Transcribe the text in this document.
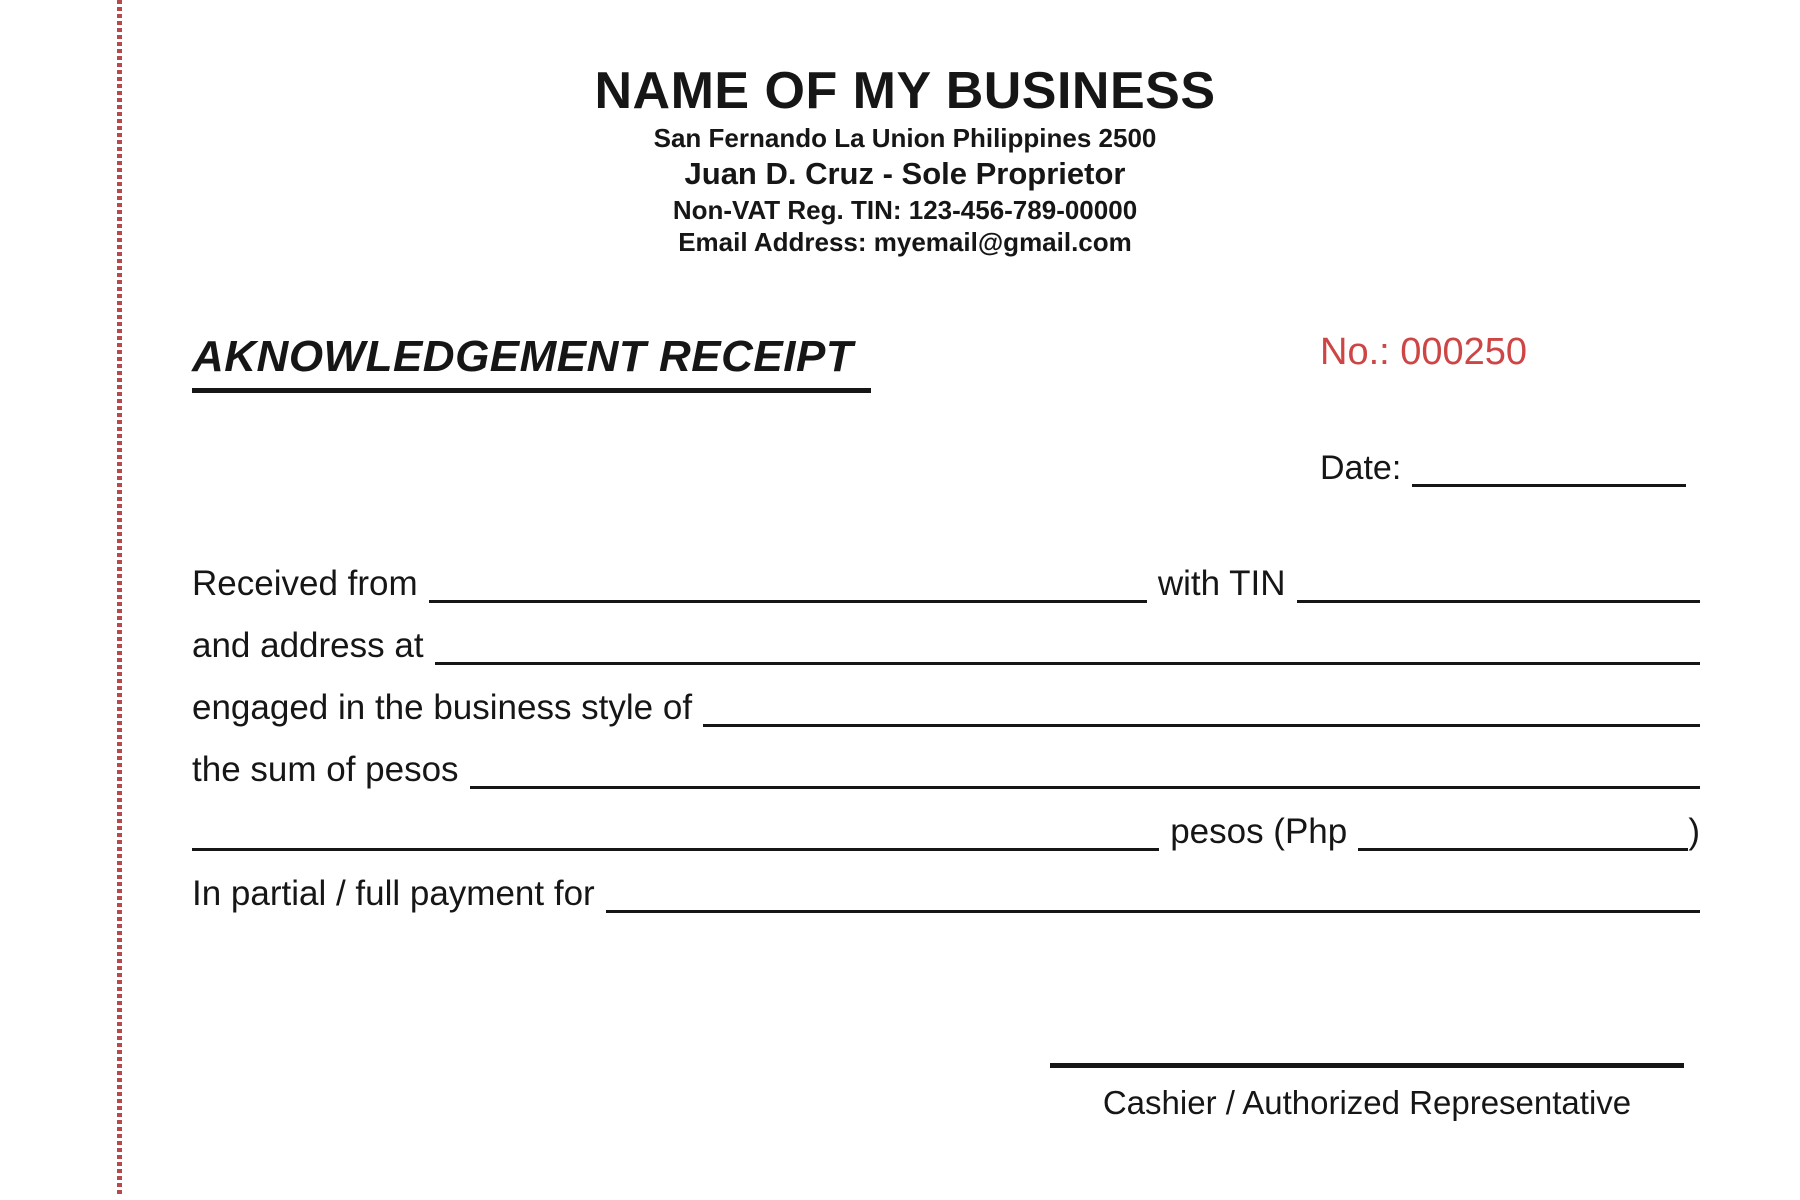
NAME OF MY BUSINESS
San Fernando La Union Philippines 2500
Juan D. Cruz - Sole Proprietor
Non-VAT Reg. TIN: 123-456-789-00000
Email Address: myemail@gmail.com
AKNOWLEDGEMENT RECEIPT	No.: 000250
Date:
Received from	with TIN
and address at
engaged in the business style of
the sum of pesos
pesos (Php	)
In partial / full payment for
Cashier / Authorized Representative
